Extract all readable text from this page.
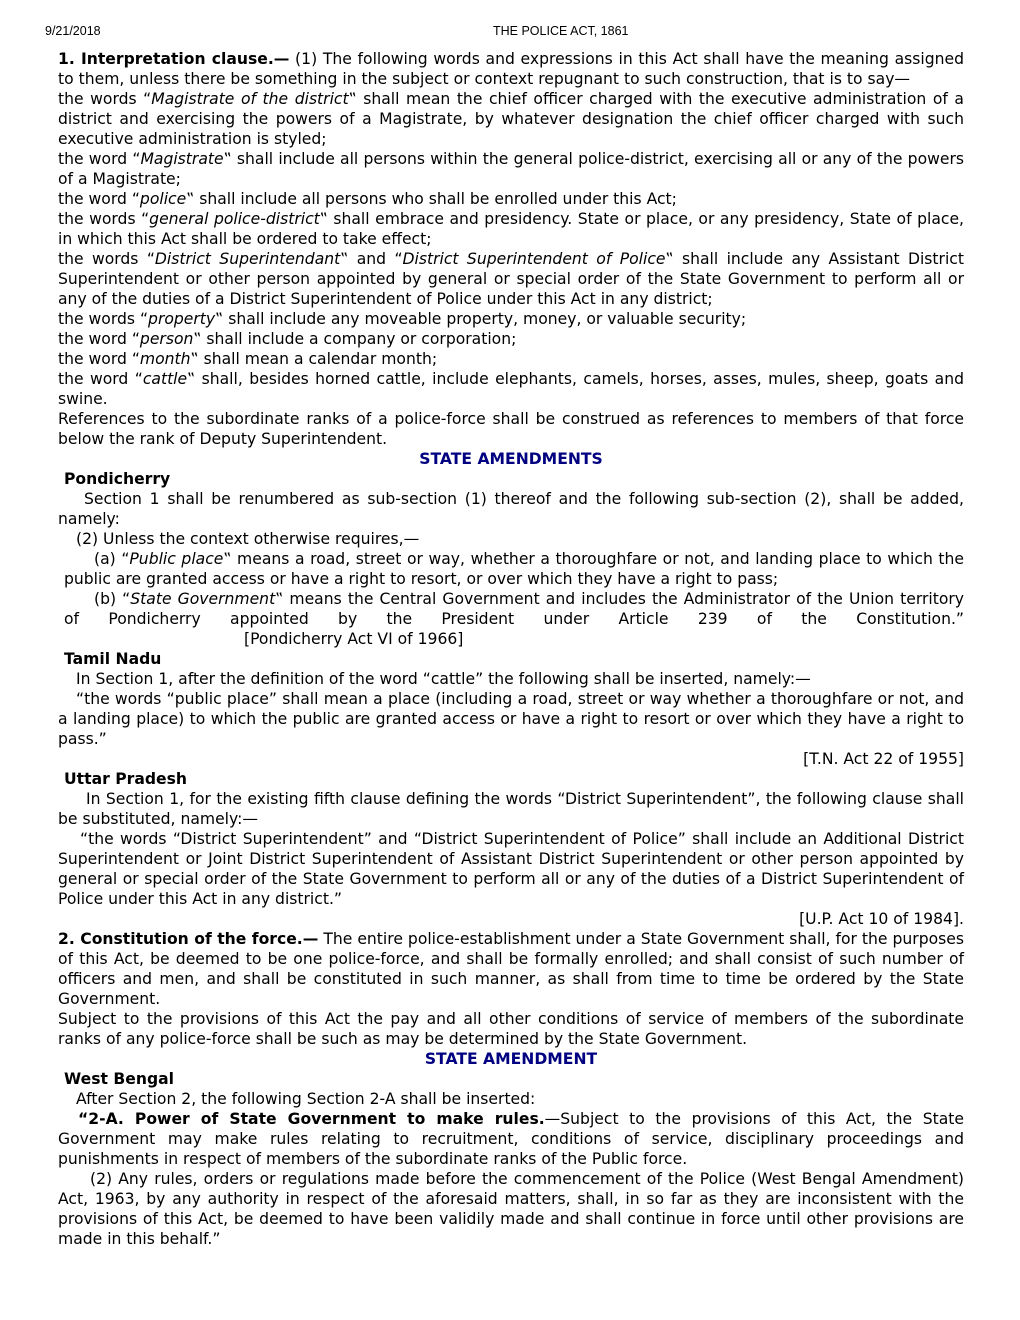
9/21/2018	THE POLICE ACT, 1861

1. Interpretation clause.— (1) The following words and expressions in this Act shall have the meaning assigned to them, unless there be something in the subject or context repugnant to such construction, that is to say—

the words “Magistrate of the district‟ shall mean the chief officer charged with the executive administration of a district and exercising the powers of a Magistrate, by whatever designation the chief officer charged with such executive administration is styled;

the word “Magistrate‟ shall include all persons within the general police-district, exercising all or any of the powers of a Magistrate;

the word “police‟ shall include all persons who shall be enrolled under this Act;

the words “general police-district‟ shall embrace and presidency. State or place, or any presidency, State of place, in which this Act shall be ordered to take effect;

the words “District Superintendant‟ and “District Superintendent of Police‟ shall include any Assistant District Superintendent or other person appointed by general or special order of the State Government to perform all or any of the duties of a District Superintendent of Police under this Act in any district;

the words “property‟ shall include any moveable property, money, or valuable security;

the word “person‟ shall include a company or corporation;

the word “month‟ shall mean a calendar month;

the word “cattle‟ shall, besides horned cattle, include elephants, camels, horses, asses, mules, sheep, goats and swine.

References to the subordinate ranks of a police-force shall be construed as references to members of that force below the rank of Deputy Superintendent.

STATE AMENDMENTS

Pondicherry

Section 1 shall be renumbered as sub-section (1) thereof and the following sub-section (2), shall be added, namely:

(2) Unless the context otherwise requires,—

(a) “Public place‟ means a road, street or way, whether a thoroughfare or not, and landing place to which the public are granted access or have a right to resort, or over which they have a right to pass;

(b) “State Government‟ means the Central Government and includes the Administrator of the Union territory of Pondicherry appointed by the President under Article 239 of the Constitution.”[Pondicherry Act VI of 1966]

Tamil Nadu

In Section 1, after the definition of the word “cattle” the following shall be inserted, namely:—

“the words “public place” shall mean a place (including a road, street or way whether a thoroughfare or not, and a landing place) to which the public are granted access or have a right to resort or over which they have a right to pass.”

[T.N. Act 22 of 1955]

Uttar Pradesh

In Section 1, for the existing fifth clause defining the words “District Superintendent”, the following clause shall be substituted, namely:—

“the words “District Superintendent” and “District Superintendent of Police” shall include an Additional District Superintendent or Joint District Superintendent of Assistant District Superintendent or other person appointed by general or special order of the State Government to perform all or any of the duties of a District Superintendent of Police under this Act in any district.”

[U.P. Act 10 of 1984].

2. Constitution of the force.— The entire police-establishment under a State Government shall, for the purposes of this Act, be deemed to be one police-force, and shall be formally enrolled; and shall consist of such number of officers and men, and shall be constituted in such manner, as shall from time to time be ordered by the State Government.

Subject to the provisions of this Act the pay and all other conditions of service of members of the subordinate ranks of any police-force shall be such as may be determined by the State Government.

STATE AMENDMENT

West Bengal

After Section 2, the following Section 2-A shall be inserted:

“2-A. Power of State Government to make rules.—Subject to the provisions of this Act, the State Government may make rules relating to recruitment, conditions of service, disciplinary proceedings and punishments in respect of members of the subordinate ranks of the Public force.

(2) Any rules, orders or regulations made before the commencement of the Police (West Bengal Amendment) Act, 1963, by any authority in respect of the aforesaid matters, shall, in so far as they are inconsistent with the provisions of this Act, be deemed to have been validily made and shall continue in force until other provisions are made in this behalf.”
